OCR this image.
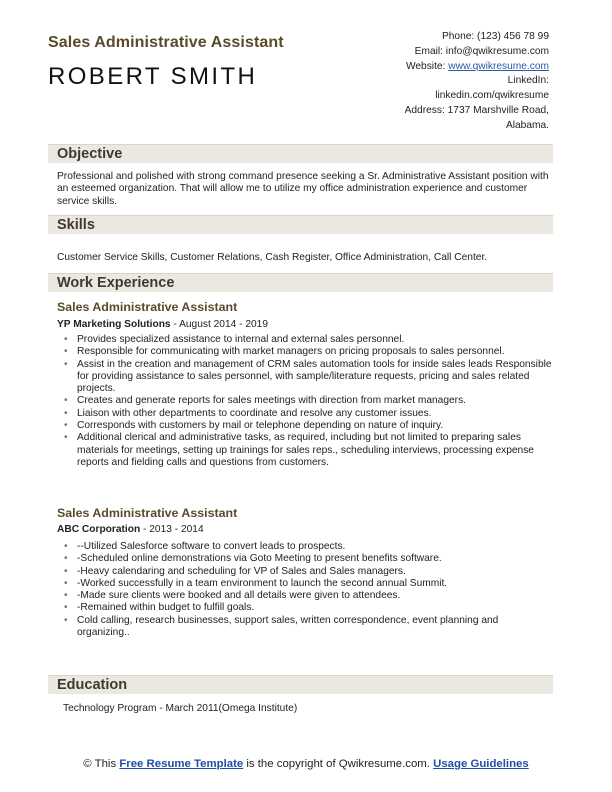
Sales Administrative Assistant
ROBERT SMITH
Phone: (123) 456 78 99
Email: info@qwikresume.com
Website: www.qwikresume.com
LinkedIn:
linkedin.com/qwikresume
Address: 1737 Marshville Road,
Alabama.
Objective
Professional and polished with strong command presence seeking a Sr. Administrative Assistant position with an esteemed organization. That will allow me to utilize my office administration experience and customer service skills.
Skills
Customer Service Skills, Customer Relations, Cash Register, Office Administration, Call Center.
Work Experience
Sales Administrative Assistant
YP Marketing Solutions - August 2014 - 2019
• Provides specialized assistance to internal and external sales personnel.
• Responsible for communicating with market managers on pricing proposals to sales personnel.
• Assist in the creation and management of CRM sales automation tools for inside sales leads Responsible for providing assistance to sales personnel, with sample/literature requests, pricing and sales related projects.
• Creates and generate reports for sales meetings with direction from market managers.
• Liaison with other departments to coordinate and resolve any customer issues.
• Corresponds with customers by mail or telephone depending on nature of inquiry.
• Additional clerical and administrative tasks, as required, including but not limited to preparing sales materials for meetings, setting up trainings for sales reps., scheduling interviews, processing expense reports and fielding calls and questions from customers.
Sales Administrative Assistant
ABC Corporation - 2013 - 2014
• --Utilized Salesforce software to convert leads to prospects.
• -Scheduled online demonstrations via Goto Meeting to present benefits software.
• -Heavy calendaring and scheduling for VP of Sales and Sales managers.
• -Worked successfully in a team environment to launch the second annual Summit.
• -Made sure clients were booked and all details were given to attendees.
• -Remained within budget to fulfill goals.
• Cold calling, research businesses, support sales, written correspondence, event planning and organizing..
Education
Technology Program - March 2011(Omega Institute)
© This Free Resume Template is the copyright of Qwikresume.com. Usage Guidelines
